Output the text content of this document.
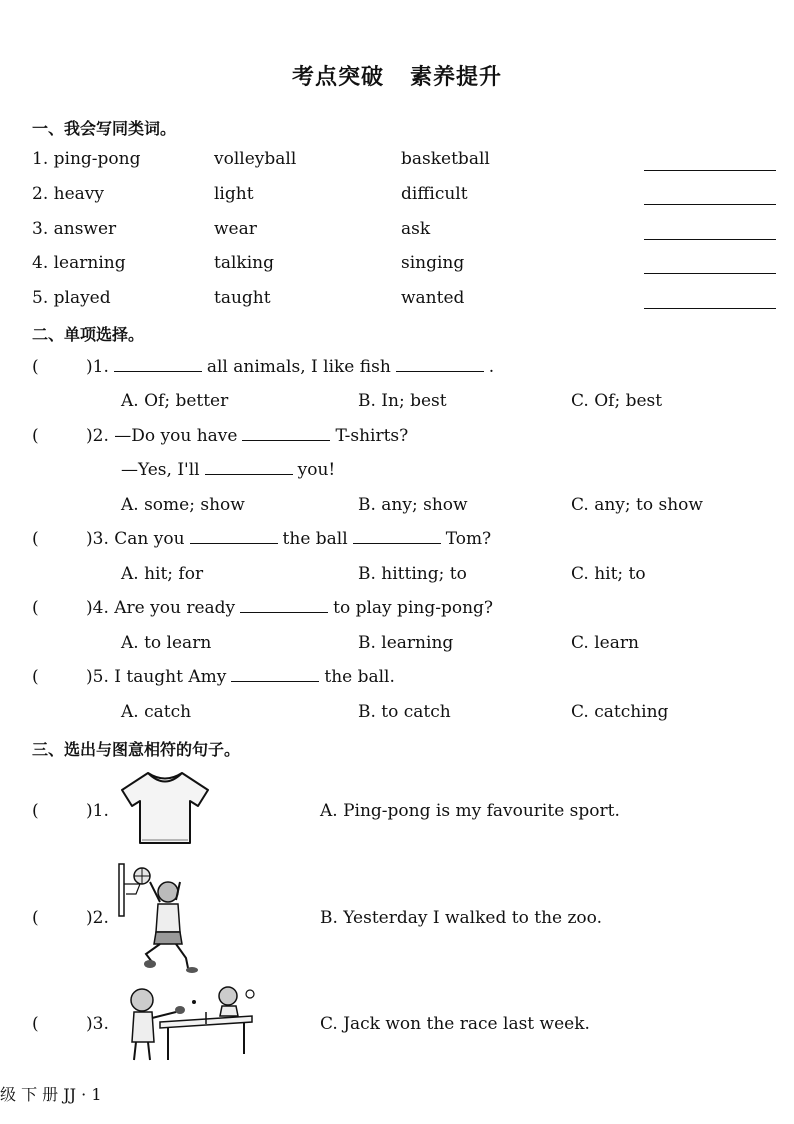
考点突破 素养提升
一、我会写同类词。
1. ping-pong	volleyball	basketball
2. heavy	light	difficult
3. answer	wear	ask
4. learning	talking	singing
5. played	taught	wanted
二、单项选择。
(	)1.	all animals, I like fish	.
A. Of; better	B. In; best	C. Of; best
(	)2. —Do you have	T-shirts?
—Yes, I'll	you!
A. some; show	B. any; show	C. any; to show
(	)3. Can you	the ball	Tom?
A. hit; for	B. hitting; to	C. hit; to
(	)4. Are you ready	to play ping-pong?
A. to learn	B. learning	C. learn
(	)5. I taught Amy	the ball.
A. catch	B. to catch	C. catching
三、选出与图意相符的句子。
(	)1.	A. Ping-pong is my favourite sport.
(	)2.	B. Yesterday I walked to the zoo.
(	)3.	C. Jack won the race last week.
级 下 册 JJ · 1
